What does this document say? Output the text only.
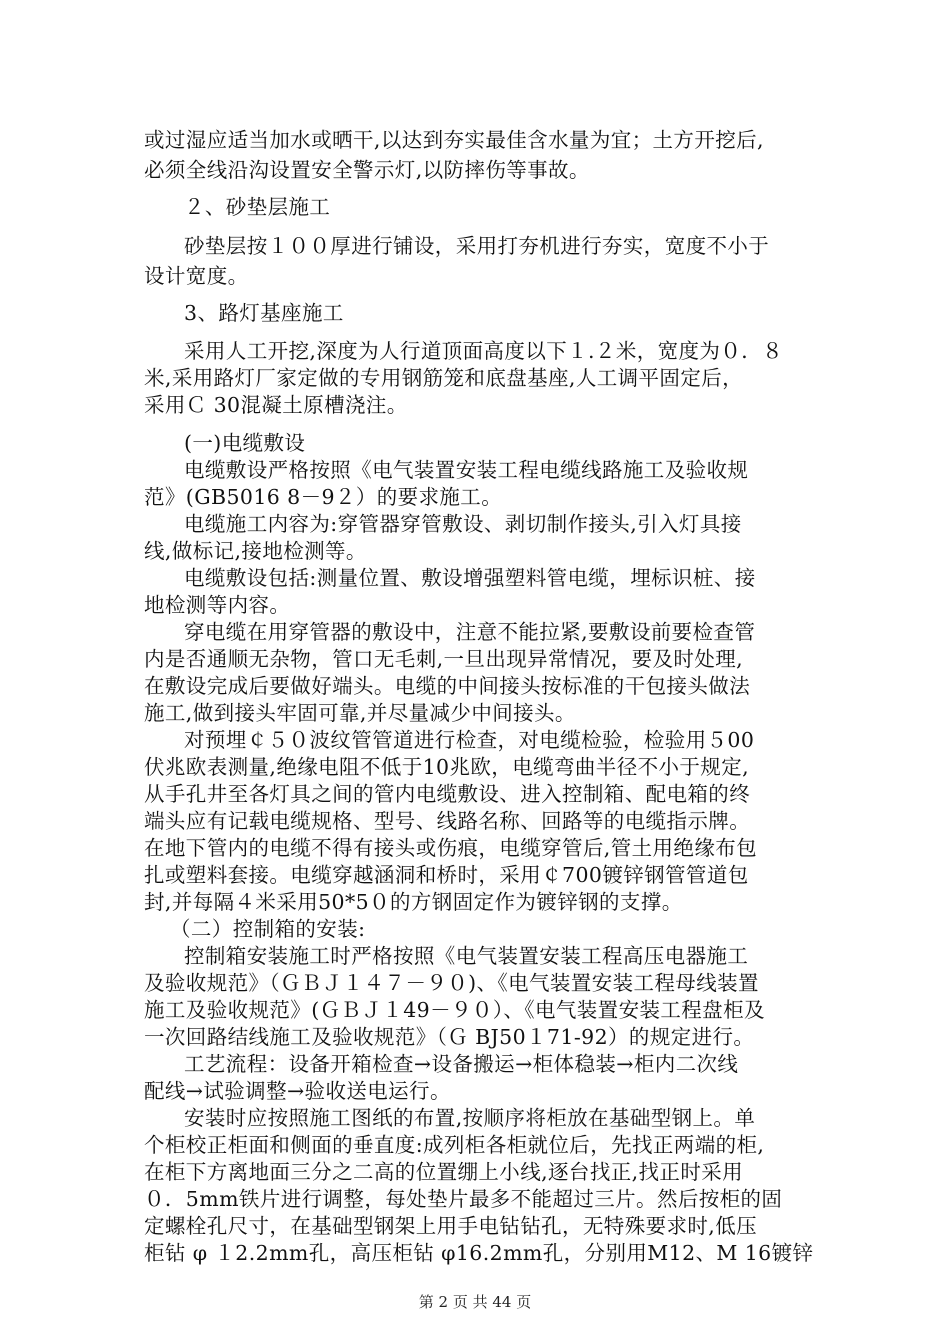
或过湿应适当加水或晒干,以达到夯实最佳含水量为宜；土方开挖后,
必须全线沿沟设置安全警示灯,以防摔伤等事故。
２、砂垫层施工
砂垫层按１００厚进行铺设，采用打夯机进行夯实，宽度不小于
设计宽度。
3、路灯基座施工
采用人工开挖,深度为人行道顶面高度以下１.２米，宽度为０．８
米,采用路灯厂家定做的专用钢筋笼和底盘基座,人工调平固定后，
采用Ｃ 30混凝土原槽浇注。
(一)电缆敷设
电缆敷设严格按照《电气装置安装工程电缆线路施工及验收规
范》(GB5016 8－9２）的要求施工。
电缆施工内容为:穿管器穿管敷设、剥切制作接头,引入灯具接
线,做标记,接地检测等。
电缆敷设包括:测量位置、敷设增强塑料管电缆，埋标识桩、接
地检测等内容。
穿电缆在用穿管器的敷设中，注意不能拉紧,要敷设前要检查管
内是否通顺无杂物，管口无毛刺,一旦出现异常情况，要及时处理,
在敷设完成后要做好端头。电缆的中间接头按标准的干包接头做法
施工,做到接头牢固可靠,并尽量减少中间接头。
对预埋￠５０波纹管管道进行检查，对电缆检验，检验用５00
伏兆欧表测量,绝缘电阻不低于10兆欧，电缆弯曲半径不小于规定,
从手孔井至各灯具之间的管内电缆敷设、进入控制箱、配电箱的终
端头应有记载电缆规格、型号、线路名称、回路等的电缆指示牌。
在地下管内的电缆不得有接头或伤痕，电缆穿管后,管土用绝缘布包
扎或塑料套接。电缆穿越涵洞和桥时，采用￠700镀锌钢管管道包
封,并每隔４米采用50*5０的方钢固定作为镀锌钢的支撑。
（二）控制箱的安装:
控制箱安装施工时严格按照《电气装置安装工程高压电器施工
及验收规范》（ＧＢＪ１４７－９０)、《电气装置安装工程母线装置
施工及验收规范》(ＧＢＪ１49－９０）、《电气装置安装工程盘柜及
一次回路结线施工及验收规范》（Ｇ BJ50１71-92）的规定进行。
工艺流程：设备开箱检查→设备搬运→柜体稳装→柜内二次线
配线→试验调整→验收送电运行。
安装时应按照施工图纸的布置,按顺序将柜放在基础型钢上。单
个柜校正柜面和侧面的垂直度:成列柜各柜就位后，先找正两端的柜,
在柜下方离地面三分之二高的位置绷上小线,逐台找正,找正时采用
０．5mm铁片进行调整，每处垫片最多不能超过三片。然后按柜的固
定螺栓孔尺寸，在基础型钢架上用手电钻钻孔，无特殊要求时,低压
柜钻 φ １2.2mm孔，高压柜钻 φ16.2mm孔，分别用M12、M 16镀锌
第 2 页 共 44 页
